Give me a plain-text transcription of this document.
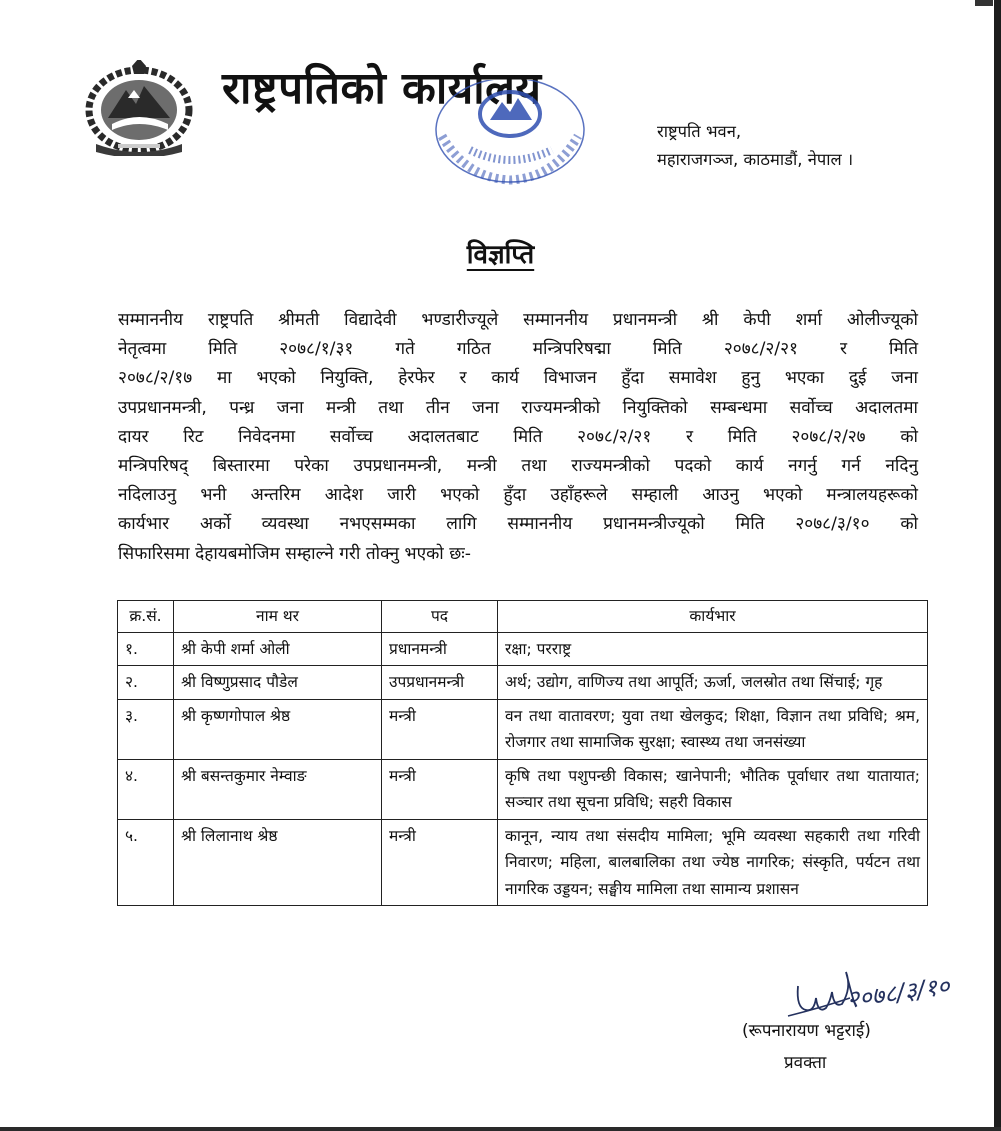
राष्ट्रपतिको कार्यालय
राष्ट्रपति भवन,
महाराजगञ्ज, काठमाडौं, नेपाल ।
विज्ञप्ति
सम्माननीय राष्ट्रपति श्रीमती विद्यादेवी भण्डारीज्यूले सम्माननीय प्रधानमन्त्री श्री केपी शर्मा ओलीज्यूको
नेतृत्वमा मिति २०७८/१/३१ गते गठित मन्त्रिपरिषद्मा मिति २०७८/२/२१ र मिति
२०७८/२/१७ मा भएको नियुक्ति, हेरफेर र कार्य विभाजन हुँदा समावेश हुनु भएका दुई जना
उपप्रधानमन्त्री, पन्ध्र जना मन्त्री तथा तीन जना राज्यमन्त्रीको नियुक्तिको सम्बन्धमा सर्वोच्च अदालतमा
दायर रिट निवेदनमा सर्वोच्च अदालतबाट मिति २०७८/२/२१ र मिति २०७८/२/२७ को
मन्त्रिपरिषद् बिस्तारमा परेका उपप्रधानमन्त्री, मन्त्री तथा राज्यमन्त्रीको पदको कार्य नगर्नु गर्न नदिनु
नदिलाउनु भनी अन्तरिम आदेश जारी भएको हुँदा उहाँहरूले सम्हाली आउनु भएको मन्त्रालयहरूको
कार्यभार अर्को व्यवस्था नभएसम्मका लागि सम्माननीय प्रधानमन्त्रीज्यूको मिति २०७८/३/१० को
सिफारिसमा देहायबमोजिम सम्हाल्ने गरी तोक्नु भएको छः-
क्र.सं.	नाम थर	पद	कार्यभार
१.	श्री केपी शर्मा ओली	प्रधानमन्त्री	रक्षा; परराष्ट्र
२.	श्री विष्णुप्रसाद पौडेल	उपप्रधानमन्त्री	अर्थ; उद्योग, वाणिज्य तथा आपूर्ति; ऊर्जा, जलस्रोत तथा सिंचाई; गृह
३.	श्री कृष्णगोपाल श्रेष्ठ	मन्त्री	वन तथा वातावरण; युवा तथा खेलकुद; शिक्षा, विज्ञान तथा प्रविधि; श्रम, रोजगार तथा सामाजिक सुरक्षा; स्वास्थ्य तथा जनसंख्या
४.	श्री बसन्तकुमार नेम्वाङ	मन्त्री	कृषि तथा पशुपन्छी विकास; खानेपानी; भौतिक पूर्वाधार तथा यातायात; सञ्चार तथा सूचना प्रविधि; सहरी विकास
५.	श्री लिलानाथ श्रेष्ठ	मन्त्री	कानून, न्याय तथा संसदीय मामिला; भूमि व्यवस्था सहकारी तथा गरिवी निवारण; महिला, बालबालिका तथा ज्येष्ठ नागरिक; संस्कृति, पर्यटन तथा नागरिक उड्डयन; सङ्घीय मामिला तथा सामान्य प्रशासन
२०७८/३/१०
(रूपनारायण भट्टराई)
प्रवक्ता
